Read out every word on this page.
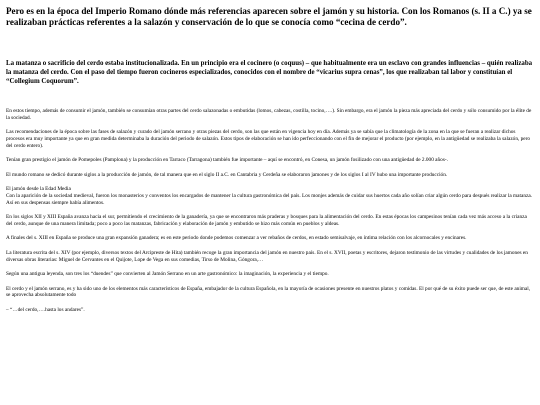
Pero es en la época del Imperio Romano dónde más referencias aparecen sobre el jamón y su historia. Con los Romanos (s. II a C.) ya se realizaban prácticas referentes a la salazón y conservación de lo que se conocía como “cecina de cerdo”.

La matanza o sacrificio del cerdo estaba institucionalizada. En un principio era el cocinero (o coquus) – que habitualmente era un esclavo con grandes influencias – quién realizaba la matanza del cerdo. Con el paso del tiempo fueron cocineros especializados, conocidos con el nombre de “vicarius supra cenas”, los que realizaban tal labor y constituían el “Collegium Coquorum”.

En estos tiempo, además de consumir el jamón, también se consumían otras partes del cerdo salazonadas o embutidas (lomos, cabezas, costilla, tocino,….). Sin embargo, era el jamón la pieza más apreciada del cerdo y sólo consumido por la élite de la sociedad.

Las recomendaciones de la época sobre las fases de salazón y curado del jamón serrano y otras piezas del cerdo, son las que están en vigencia hoy en día. Además ya se sabía que la climatología de la zona en la que se fueran a realizar dichos procesos era muy importante ya que en gran medida determinaba la duración del periodo de salazón. Estos tipos de elaboración se han ido perfeccionando con el fin de mejorar el producto (por ejemplo, en la antigüedad se realizaba la salazón, pero del cerdo entero).

Tenían gran prestigio el jamón de Pomepoles (Pamplona) y la producción en Tarraco (Tarragona) también fue importante – aquí se encontró, en Conesa, un jamón fosilizado con una antigüedad de 2.000 años-.

El mundo romano se dedicó durante siglos a la producción de jamón, de tal manera que en el siglo II a.C. en Cantabria y Cerdeña se elaboraron jamones y de los siglos I al IV hubo una importante producción.

El jamón desde la Edad Media

Con la aparición de la sociedad medieval, fueron los monasterios y conventos los encargados de mantener la cultura gastronómica del país. Los monjes además de cuidar sus huertos cada año solían criar algún cerdo para después realizar la matanza. Así en sus despensas siempre había alimentos.

En los siglos XII y XIII España avanza hacia el sur, permitiendo el crecimiento de la ganadería, ya que se encontraron más praderas y bosques para la alimentación del cerdo. En estas épocas los campesinos tenían cada vez más acceso a la crianza del cerdo, aunque de una manera limitada; poco a poco las matanzas, fabricación y elaboración de jamón y embutido se hizo más común en pueblos y aldeas.

A finales del s. XIII en España se produce una gran expansión ganadera; es en este periodo donde podemos comenzar a ver rebaños de cerdos, en estado semisalvaje, en íntima relación con los alcornocales y encinares.

La literatura escrita del s. XIV (por ejemplo, diversos textos del Arcipreste de Hita) también recoge la gran importancia del jamón en nuestro país. En el s. XVII, poetas y escritores, dejaron testimonio de las virtudes y cualidades de los jamones en diversas obras literarias: Miguel de Cervantes en el Quijote, Lope de Vega en sus comedias, Tirso de Molina, Góngora,…

Según una antigua leyenda, son tres los “duendes” que convierten al Jamón Serrano en un arte gastronómico: la imaginación, la experiencia y el tiempo.

El cerdo y el jamón serrano, es y ha sido uno de los elementos más característicos de España, embajador de la cultura Española, en la mayoría de ocasiones presente en nuestros platos y comidas. El por qué de su éxito puede ser que, de este animal, se aprovecha absolutamente todo

– “…del cerdo,….hasta los andares”.
